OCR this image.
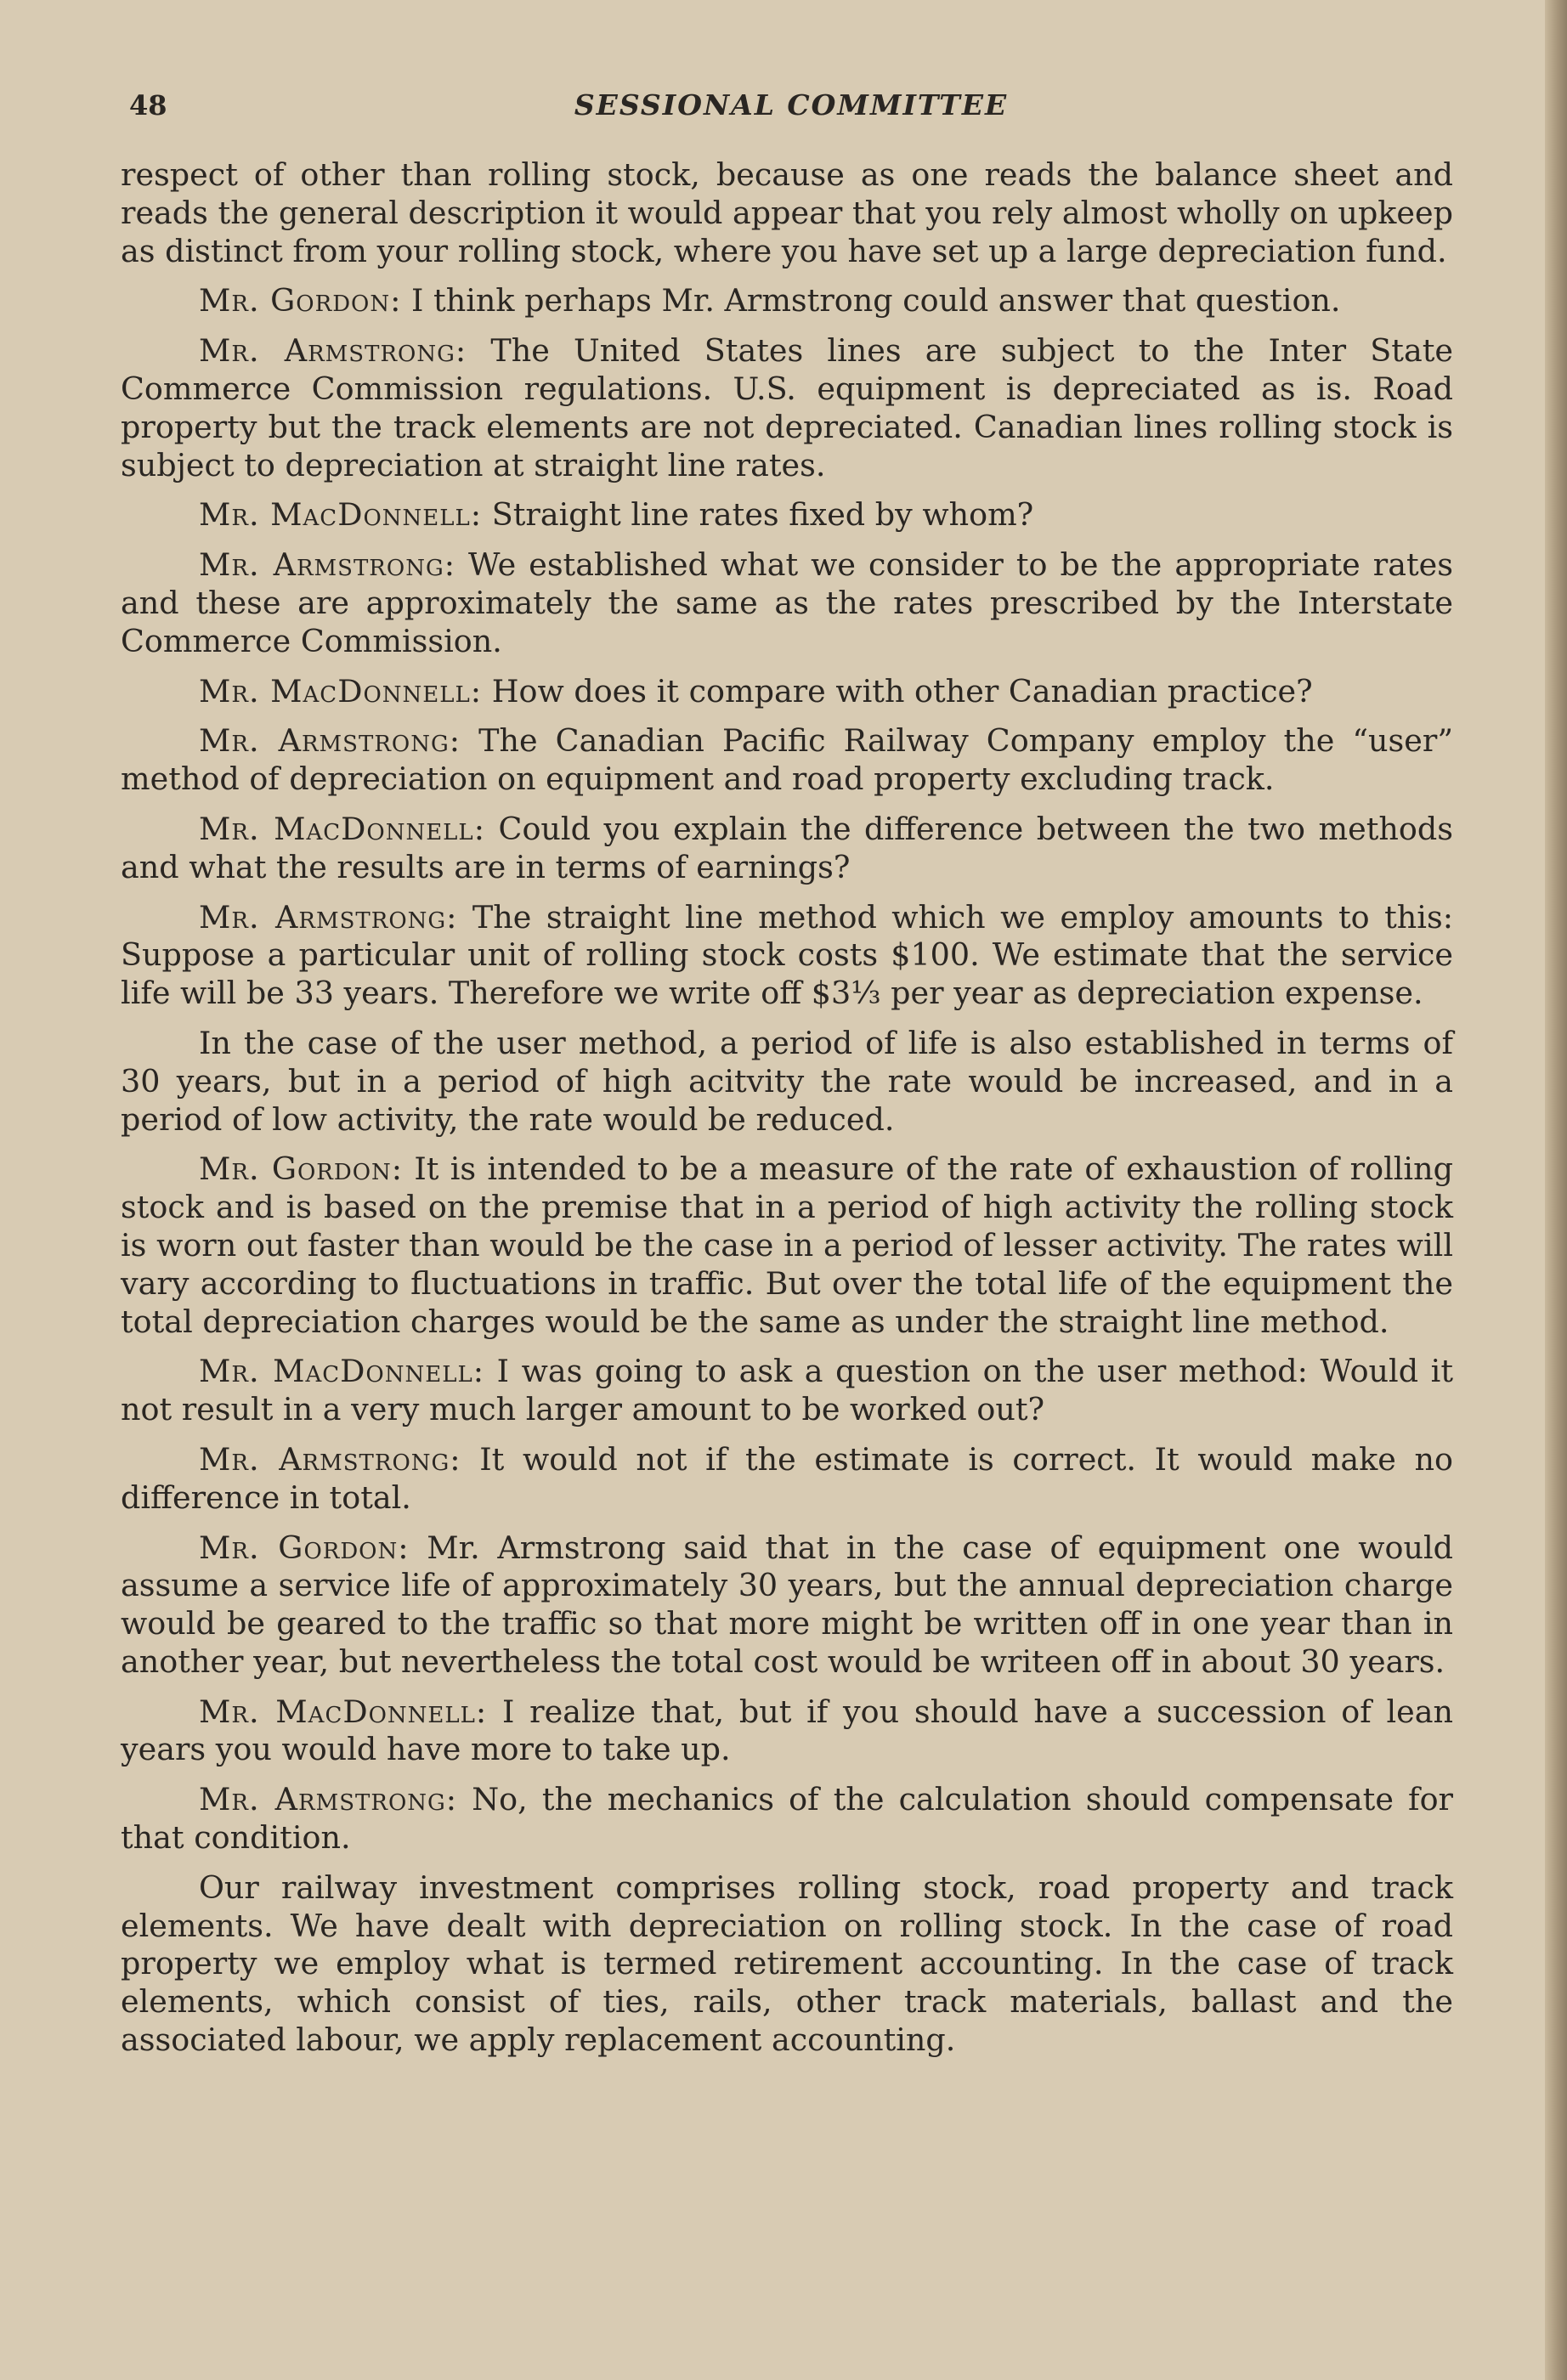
48	SESSIONAL COMMITTEE

respect of other than rolling stock, because as one reads the balance sheet and reads the general description it would appear that you rely almost wholly on upkeep as distinct from your rolling stock, where you have set up a large depreciation fund.

Mr. Gordon: I think perhaps Mr. Armstrong could answer that question.

Mr. Armstrong: The United States lines are subject to the Inter State Commerce Commission regulations. U.S. equipment is depreciated as is. Road property but the track elements are not depreciated. Canadian lines rolling stock is subject to depreciation at straight line rates.

Mr. MacDonnell: Straight line rates fixed by whom?

Mr. Armstrong: We established what we consider to be the appropriate rates and these are approximately the same as the rates prescribed by the Interstate Commerce Commission.

Mr. MacDonnell: How does it compare with other Canadian practice?

Mr. Armstrong: The Canadian Pacific Railway Company employ the “user” method of depreciation on equipment and road property excluding track.

Mr. MacDonnell: Could you explain the difference between the two methods and what the results are in terms of earnings?

Mr. Armstrong: The straight line method which we employ amounts to this: Suppose a particular unit of rolling stock costs $100. We estimate that the service life will be 33 years. Therefore we write off $3⅓ per year as depreciation expense.

In the case of the user method, a period of life is also established in terms of 30 years, but in a period of high acitvity the rate would be increased, and in a period of low activity, the rate would be reduced.

Mr. Gordon: It is intended to be a measure of the rate of exhaustion of rolling stock and is based on the premise that in a period of high activity the rolling stock is worn out faster than would be the case in a period of lesser activity. The rates will vary according to fluctuations in traffic. But over the total life of the equipment the total depreciation charges would be the same as under the straight line method.

Mr. MacDonnell: I was going to ask a question on the user method: Would it not result in a very much larger amount to be worked out?

Mr. Armstrong: It would not if the estimate is correct. It would make no difference in total.

Mr. Gordon: Mr. Armstrong said that in the case of equipment one would assume a service life of approximately 30 years, but the annual depreciation charge would be geared to the traffic so that more might be written off in one year than in another year, but nevertheless the total cost would be writeen off in about 30 years.

Mr. MacDonnell: I realize that, but if you should have a succession of lean years you would have more to take up.

Mr. Armstrong: No, the mechanics of the calculation should compensate for that condition.

Our railway investment comprises rolling stock, road property and track elements. We have dealt with depreciation on rolling stock. In the case of road property we employ what is termed retirement accounting. In the case of track elements, which consist of ties, rails, other track materials, ballast and the associated labour, we apply replacement accounting.
